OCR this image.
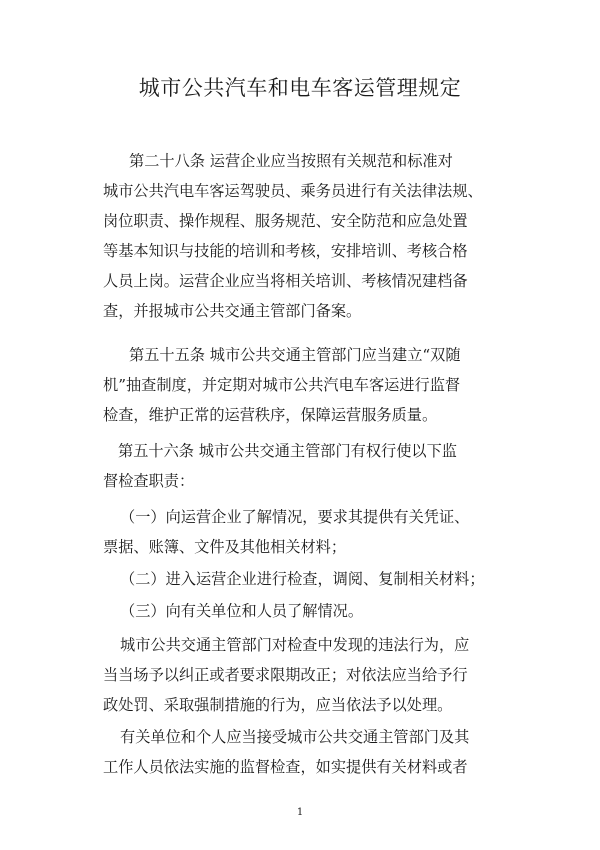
城市公共汽车和电车客运管理规定
第二十八条 运营企业应当按照有关规范和标准对
城市公共汽电车客运驾驶员、乘务员进行有关法律法规、
岗位职责、操作规程、服务规范、安全防范和应急处置
等基本知识与技能的培训和考核，安排培训、考核合格
人员上岗。运营企业应当将相关培训、考核情况建档备
查，并报城市公共交通主管部门备案。
第五十五条 城市公共交通主管部门应当建立“双随
机”抽查制度，并定期对城市公共汽电车客运进行监督
检查，维护正常的运营秩序，保障运营服务质量。
第五十六条 城市公共交通主管部门有权行使以下监
督检查职责：
（一）向运营企业了解情况，要求其提供有关凭证、
票据、账簿、文件及其他相关材料；
（二）进入运营企业进行检查，调阅、复制相关材料；
（三）向有关单位和人员了解情况。
城市公共交通主管部门对检查中发现的违法行为，应
当当场予以纠正或者要求限期改正；对依法应当给予行
政处罚、采取强制措施的行为，应当依法予以处理。
有关单位和个人应当接受城市公共交通主管部门及其
工作人员依法实施的监督检查，如实提供有关材料或者
1
